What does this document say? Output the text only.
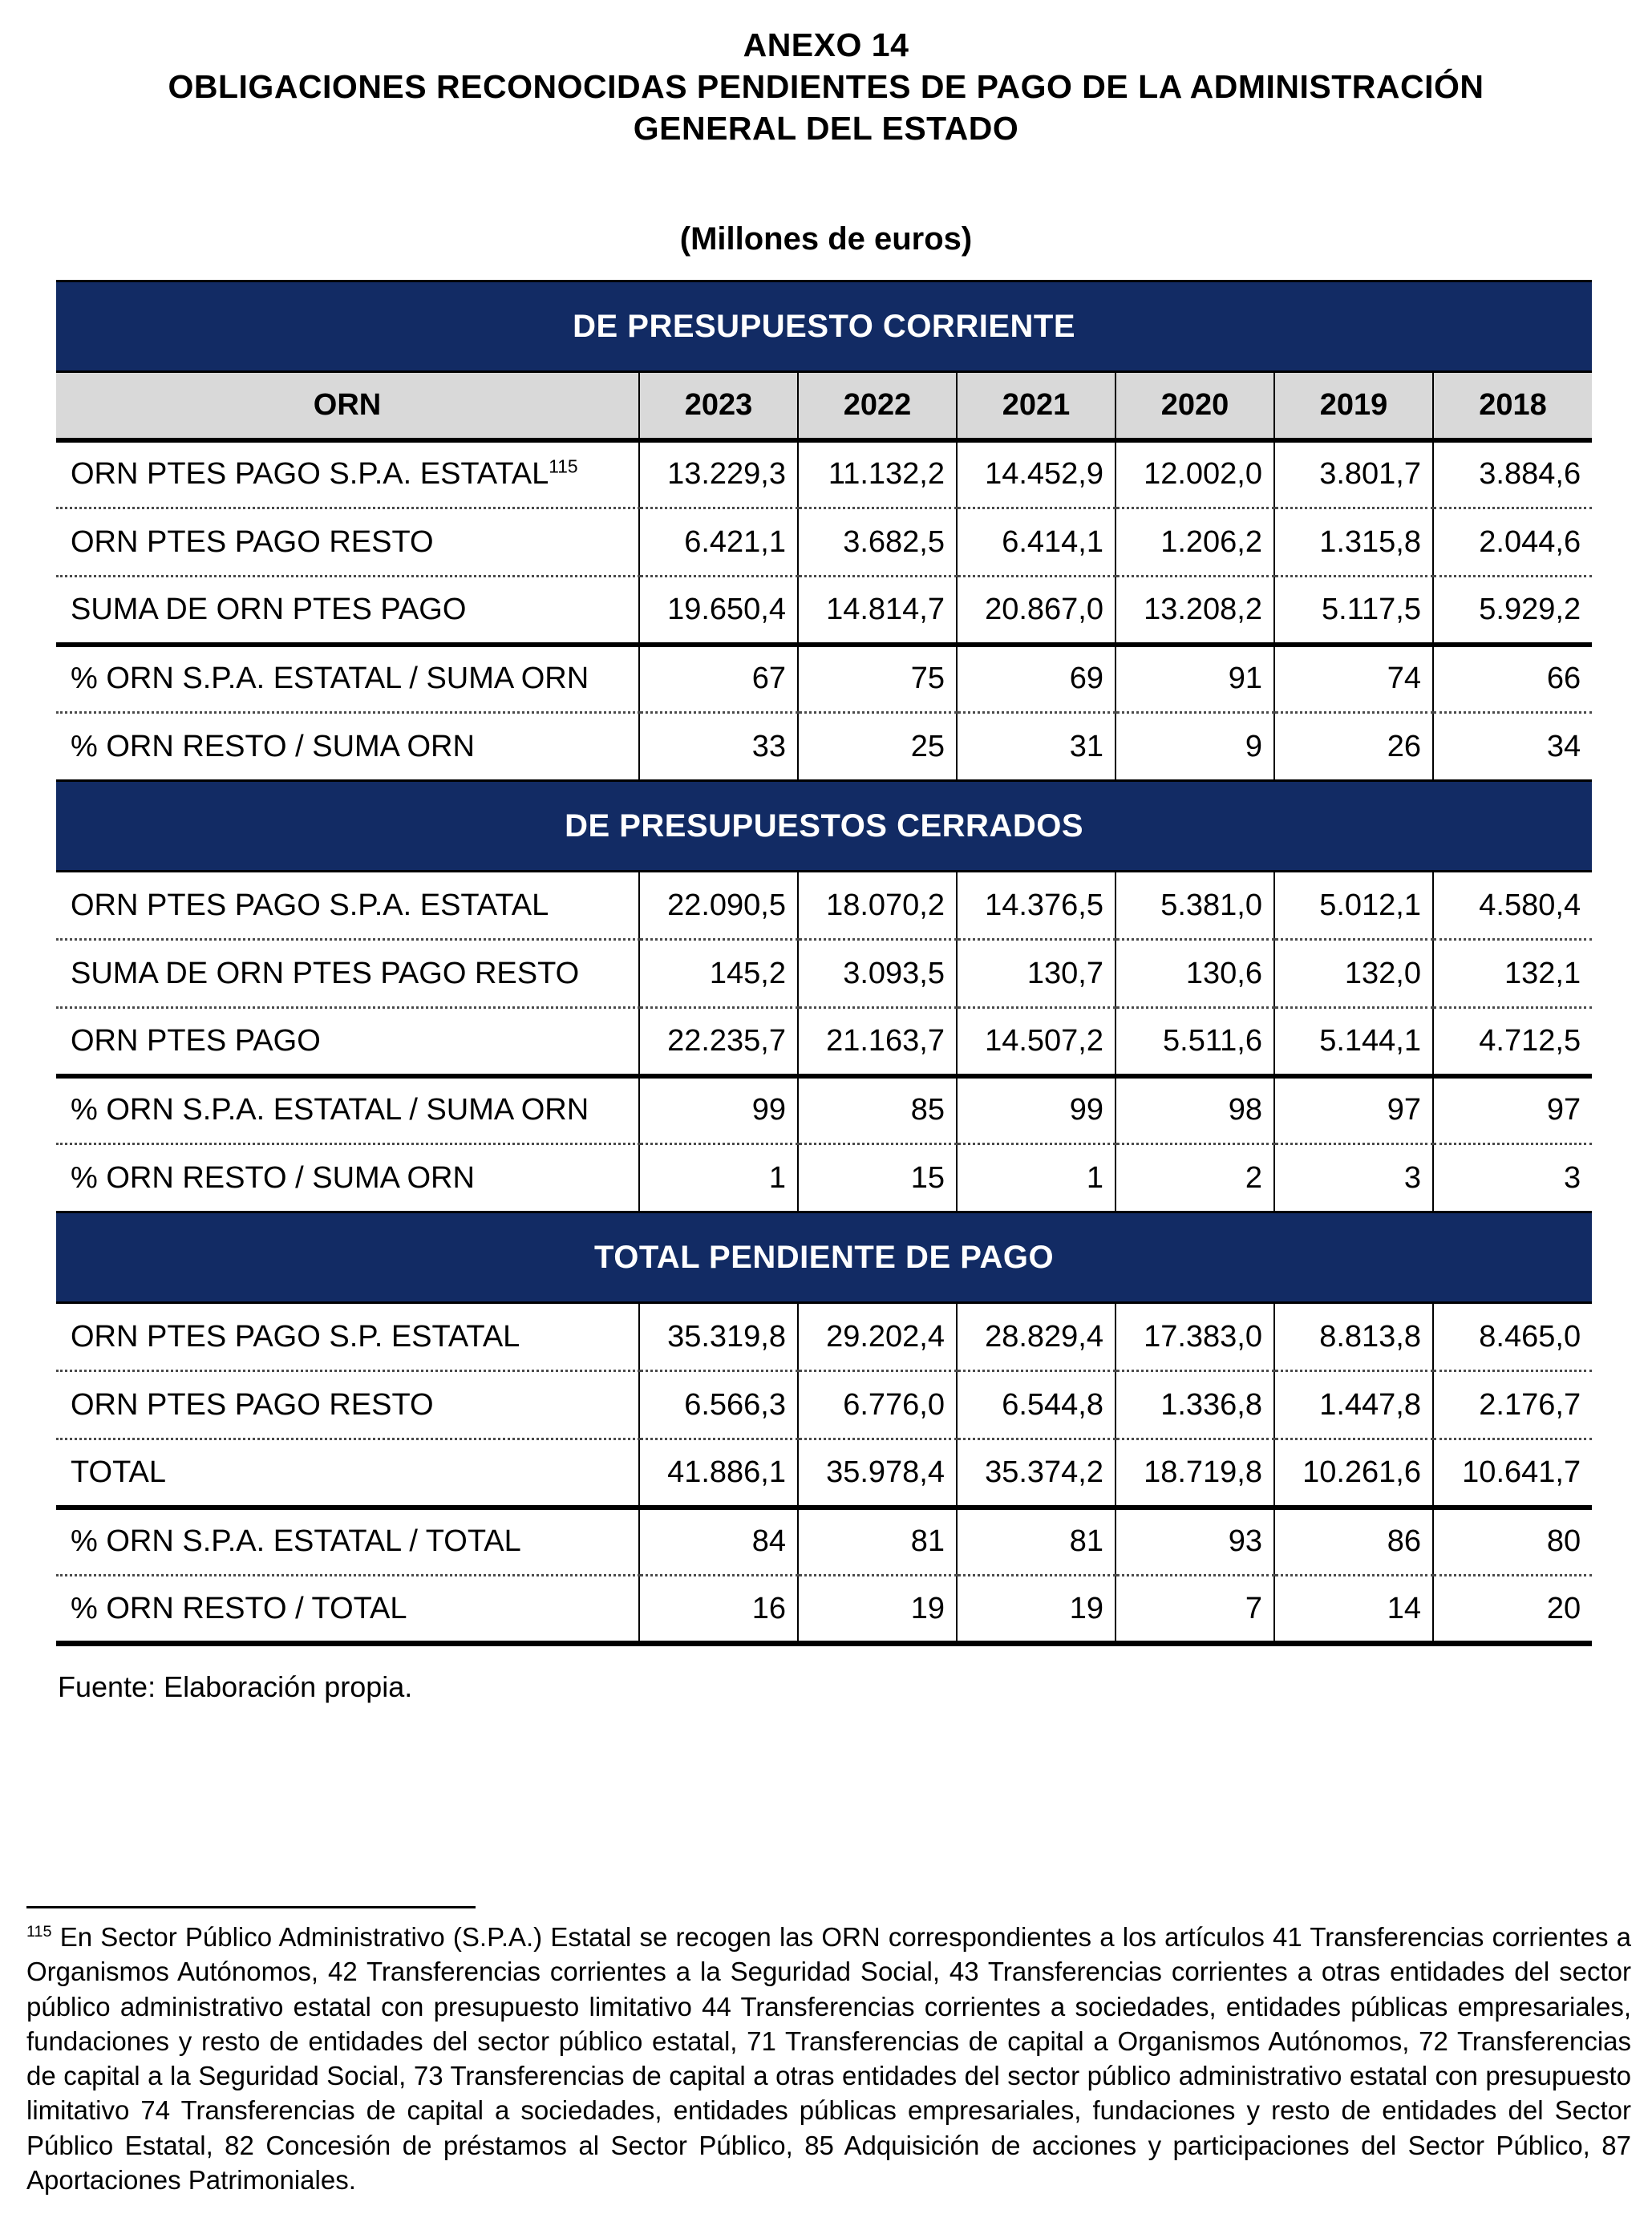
ANEXO 14
OBLIGACIONES RECONOCIDAS PENDIENTES DE PAGO DE LA ADMINISTRACIÓN
GENERAL DEL ESTADO
(Millones de euros)
DE PRESUPUESTO CORRIENTE						
ORN	2023	2022	2021	2020	2019	2018
ORN PTES PAGO S.P.A. ESTATAL$^{115}$	13.229,3	11.132,2	14.452,9	12.002,0	3.801,7	3.884,6
ORN PTES PAGO RESTO	6.421,1	3.682,5	6.414,1	1.206,2	1.315,8	2.044,6
SUMA DE ORN PTES PAGO	19.650,4	14.814,7	20.867,0	13.208,2	5.117,5	5.929,2
% ORN S.P.A. ESTATAL / SUMA ORN	67	75	69	91	74	66
% ORN RESTO / SUMA ORN	33	25	31	9	26	34
DE PRESUPUESTOS CERRADOS						
ORN PTES PAGO S.P.A. ESTATAL	22.090,5	18.070,2	14.376,5	5.381,0	5.012,1	4.580,4
SUMA DE ORN PTES PAGO RESTO	145,2	3.093,5	130,7	130,6	132,0	132,1
ORN PTES PAGO	22.235,7	21.163,7	14.507,2	5.511,6	5.144,1	4.712,5
% ORN S.P.A. ESTATAL / SUMA ORN	99	85	99	98	97	97
% ORN RESTO / SUMA ORN	1	15	1	2	3	3
TOTAL PENDIENTE DE PAGO						
ORN PTES PAGO S.P. ESTATAL	35.319,8	29.202,4	28.829,4	17.383,0	8.813,8	8.465,0
ORN PTES PAGO RESTO	6.566,3	6.776,0	6.544,8	1.336,8	1.447,8	2.176,7
TOTAL	41.886,1	35.978,4	35.374,2	18.719,8	10.261,6	10.641,7
% ORN S.P.A. ESTATAL / TOTAL	84	81	81	93	86	80
% ORN RESTO / TOTAL	16	19	19	7	14	20
Fuente: Elaboración propia.
$^{115}$ En Sector Público Administrativo (S.P.A.) Estatal se recogen las ORN correspondientes a los artículos 41 Transferencias corrientes a Organismos Autónomos, 42 Transferencias corrientes a la Seguridad Social, 43 Transferencias corrientes a otras entidades del sector público administrativo estatal con presupuesto limitativo 44 Transferencias corrientes a sociedades, entidades públicas empresariales, fundaciones y resto de entidades del sector público estatal, 71 Transferencias de capital a Organismos Autónomos, 72 Transferencias de capital a la Seguridad Social, 73 Transferencias de capital a otras entidades del sector público administrativo estatal con presupuesto limitativo 74 Transferencias de capital a sociedades, entidades públicas empresariales, fundaciones y resto de entidades del Sector Público Estatal, 82 Concesión de préstamos al Sector Público, 85 Adquisición de acciones y participaciones del Sector Público, 87 Aportaciones Patrimoniales.
